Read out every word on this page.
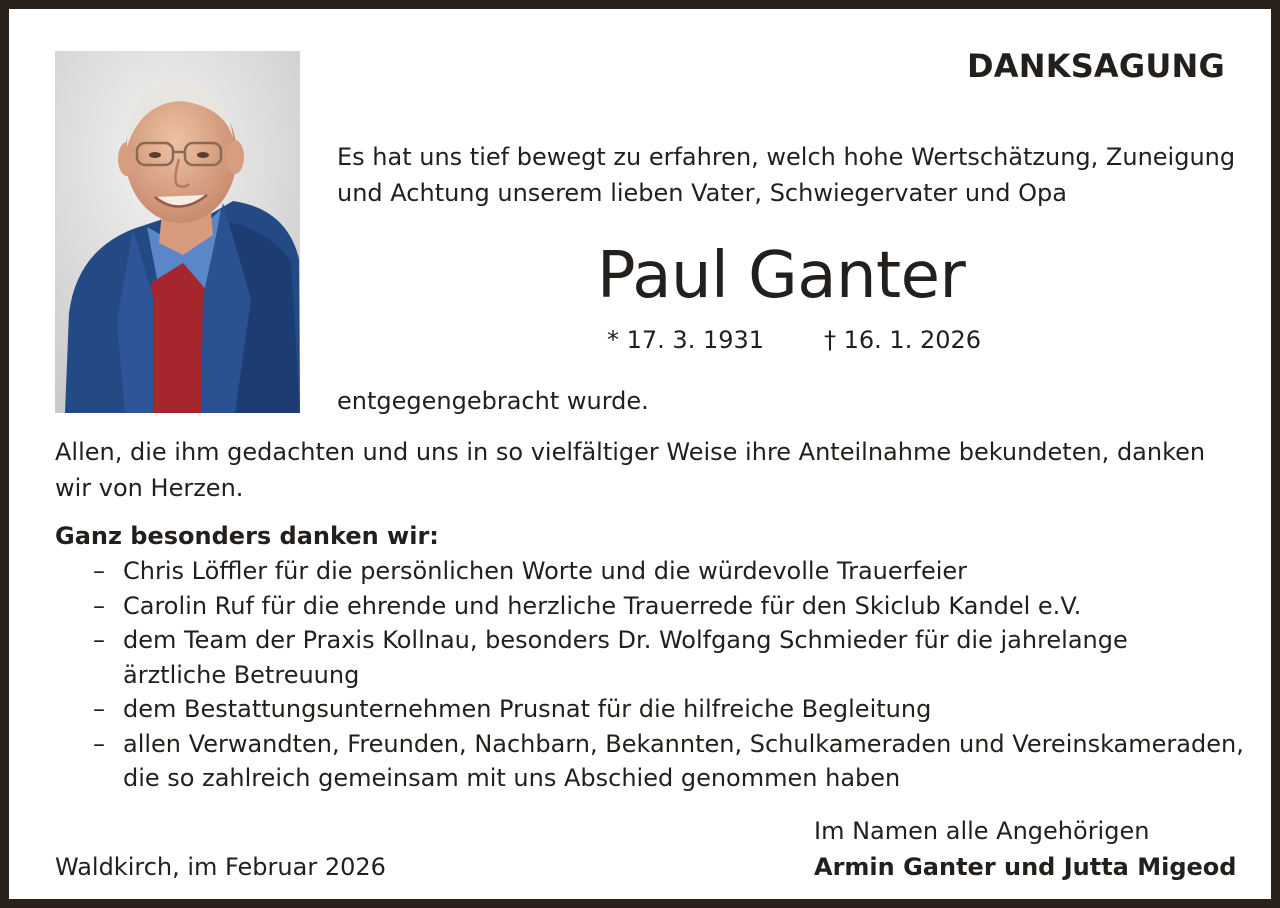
DANKSAGUNG
Es hat uns tief bewegt zu erfahren, welch hohe Wertschätzung, Zuneigung
und Achtung unserem lieben Vater, Schwiegervater und Opa
Paul Ganter
* 17. 3. 1931 † 16. 1. 2026
entgegengebracht wurde.
Allen, die ihm gedachten und uns in so vielfältiger Weise ihre Anteilnahme bekundeten, danken
wir von Herzen.
Ganz besonders danken wir:
– Chris Löffler für die persönlichen Worte und die würdevolle Trauerfeier
– Carolin Ruf für die ehrende und herzliche Trauerrede für den Skiclub Kandel e.V.
– dem Team der Praxis Kollnau, besonders Dr. Wolfgang Schmieder für die jahrelange
ärztliche Betreuung
– dem Bestattungsunternehmen Prusnat für die hilfreiche Begleitung
– allen Verwandten, Freunden, Nachbarn, Bekannten, Schulkameraden und Vereinskameraden,
die so zahlreich gemeinsam mit uns Abschied genommen haben
Im Namen alle Angehörigen
Armin Ganter und Jutta Migeod
Waldkirch, im Februar 2026
